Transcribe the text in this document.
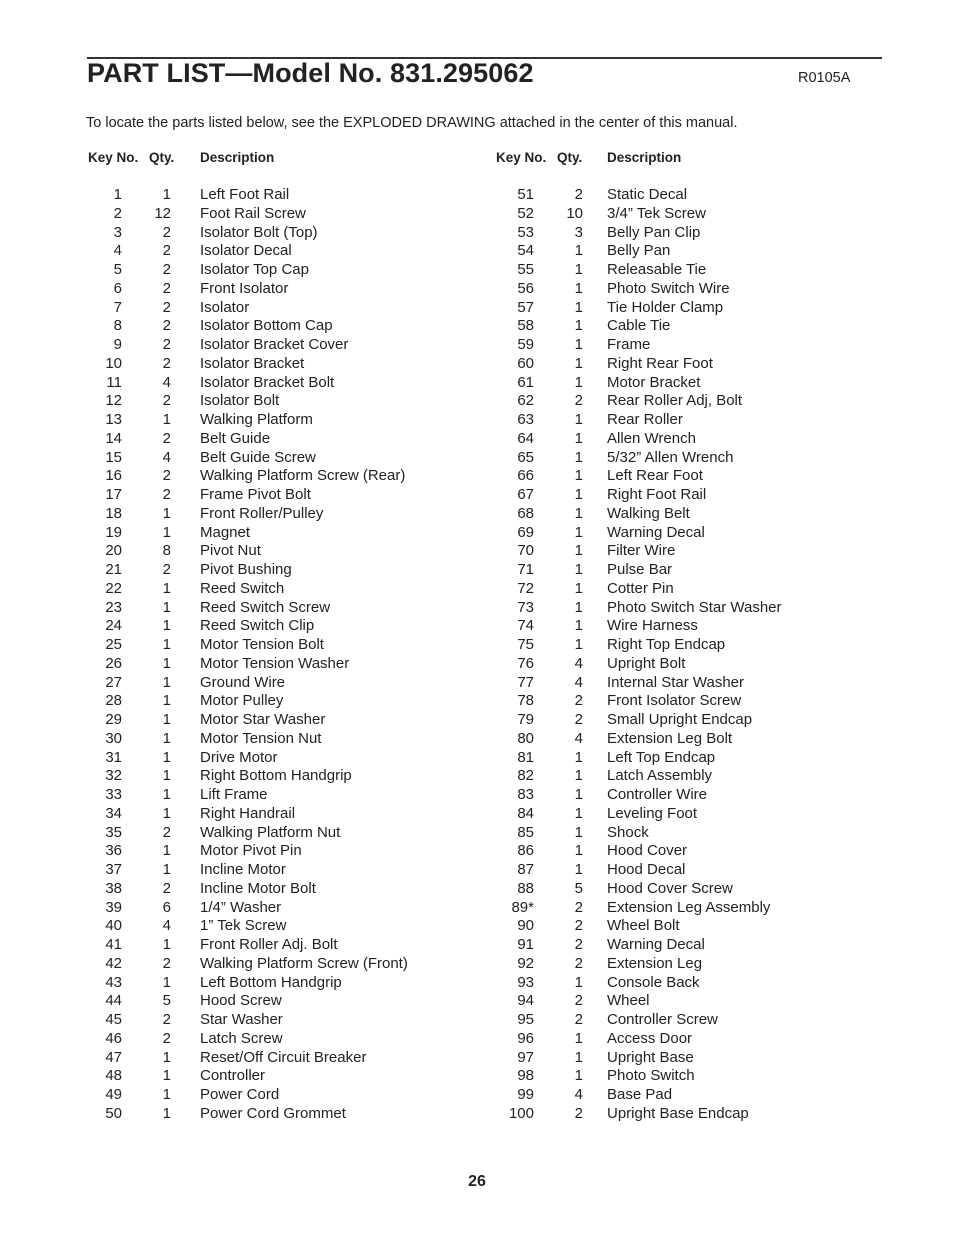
PART LIST—Model No. 831.295062	R0105A
To locate the parts listed below, see the EXPLODED DRAWING attached in the center of this manual.
Key No. Qty. Description
1	1 Left Foot Rail
2	12 Foot Rail Screw
3	2 Isolator Bolt (Top)
4	2 Isolator Decal
5	2 Isolator Top Cap
6	2 Front Isolator
7	2 Isolator
8	2 Isolator Bottom Cap
9	2 Isolator Bracket Cover
10	2 Isolator Bracket
11	4 Isolator Bracket Bolt
12	2 Isolator Bolt
13	1 Walking Platform
14	2 Belt Guide
15	4 Belt Guide Screw
16	2 Walking Platform Screw (Rear)
17	2 Frame Pivot Bolt
18	1 Front Roller/Pulley
19	1 Magnet
20	8 Pivot Nut
21	2 Pivot Bushing
22	1 Reed Switch
23	1 Reed Switch Screw
24	1 Reed Switch Clip
25	1 Motor Tension Bolt
26	1 Motor Tension Washer
27	1 Ground Wire
28	1 Motor Pulley
29	1 Motor Star Washer
30	1 Motor Tension Nut
31	1 Drive Motor
32	1 Right Bottom Handgrip
33	1 Lift Frame
34	1 Right Handrail
35	2 Walking Platform Nut
36	1 Motor Pivot Pin
37	1 Incline Motor
38	2 Incline Motor Bolt
39	6 1/4” Washer
40	4 1” Tek Screw
41	1 Front Roller Adj. Bolt
42	2 Walking Platform Screw (Front)
43	1 Left Bottom Handgrip
44	5 Hood Screw
45	2 Star Washer
46	2 Latch Screw
47	1 Reset/Off Circuit Breaker
48	1 Controller
49	1 Power Cord
50	1 Power Cord Grommet
Key No. Qty. Description
51	2 Static Decal
52	10 3/4” Tek Screw
53	3 Belly Pan Clip
54	1 Belly Pan
55	1 Releasable Tie
56	1 Photo Switch Wire
57	1 Tie Holder Clamp
58	1 Cable Tie
59	1 Frame
60	1 Right Rear Foot
61	1 Motor Bracket
62	2 Rear Roller Adj, Bolt
63	1 Rear Roller
64	1 Allen Wrench
65	1 5/32” Allen Wrench
66	1 Left Rear Foot
67	1 Right Foot Rail
68	1 Walking Belt
69	1 Warning Decal
70	1 Filter Wire
71	1 Pulse Bar
72	1 Cotter Pin
73	1 Photo Switch Star Washer
74	1 Wire Harness
75	1 Right Top Endcap
76	4 Upright Bolt
77	4 Internal Star Washer
78	2 Front Isolator Screw
79	2 Small Upright Endcap
80	4 Extension Leg Bolt
81	1 Left Top Endcap
82	1 Latch Assembly
83	1 Controller Wire
84	1 Leveling Foot
85	1 Shock
86	1 Hood Cover
87	1 Hood Decal
88	5 Hood Cover Screw
89*	2 Extension Leg Assembly
90	2 Wheel Bolt
91	2 Warning Decal
92	2 Extension Leg
93	1 Console Back
94	2 Wheel
95	2 Controller Screw
96	1 Access Door
97	1 Upright Base
98	1 Photo Switch
99	4 Base Pad
100	2 Upright Base Endcap
26
